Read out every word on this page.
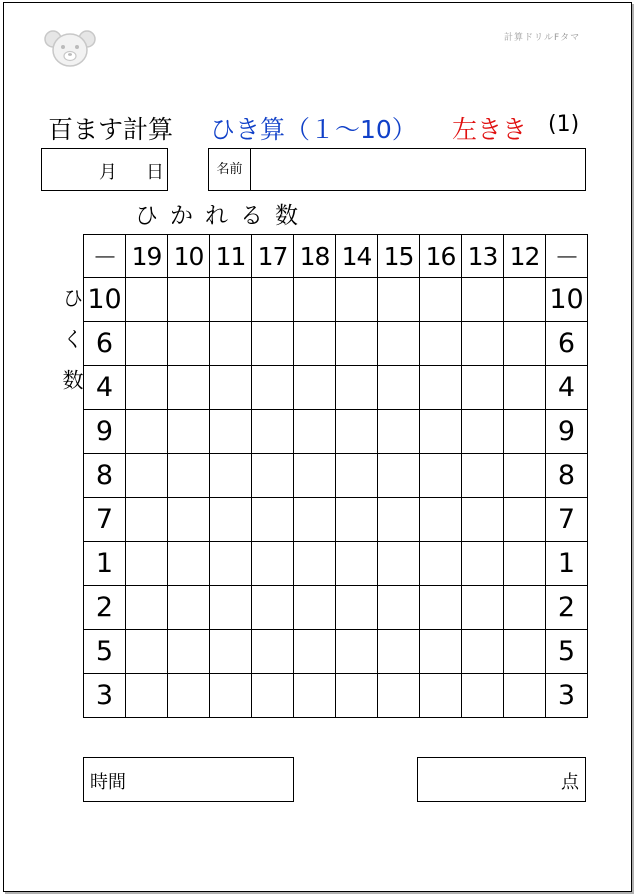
計算ドリルFタマ
百ます計算 ひき算（１～10） 左きき (1)
月 日	名前
ひかれる数
ひく数
－	19	10	11	17	18	14	15	16	13	12	－
10											10
6											6
4											4
9											9
8											8
7											7
1											1
2											2
5											5
3											3
時間	点
